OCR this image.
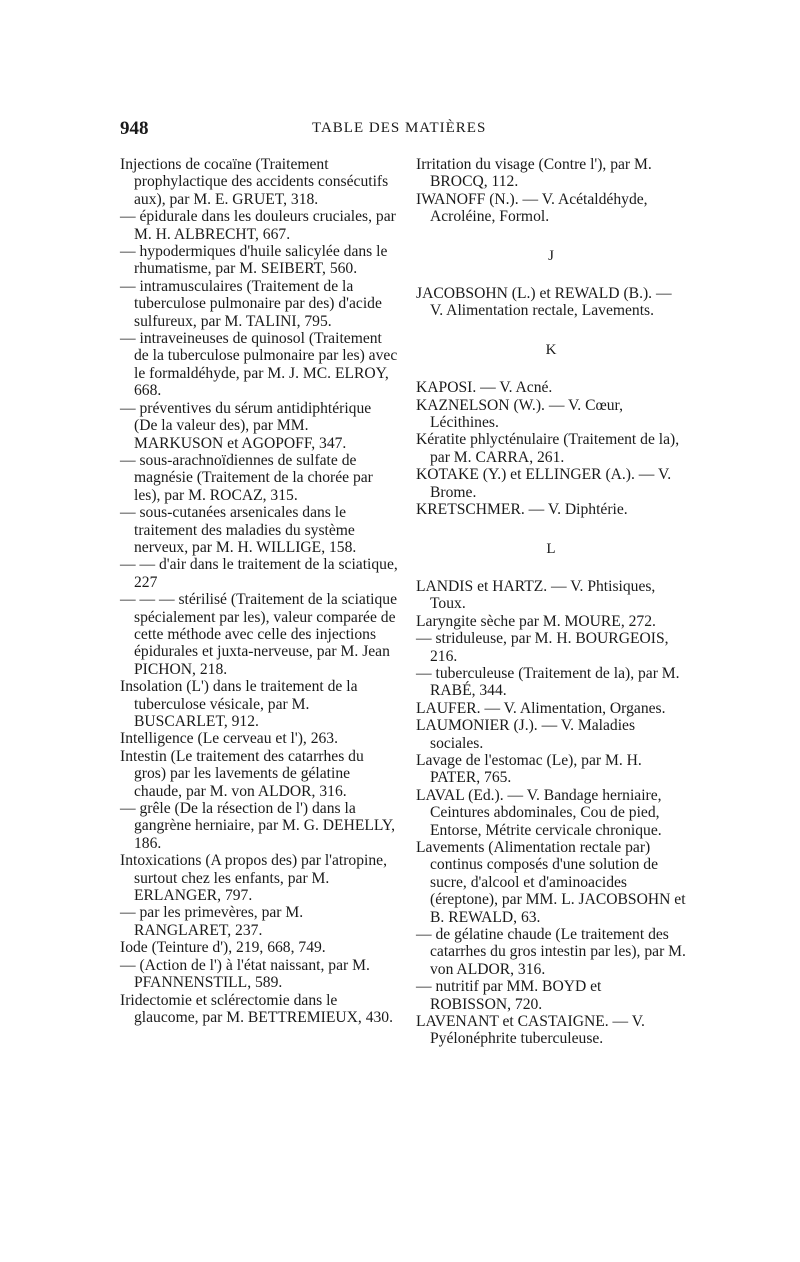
948	TABLE DES MATIÈRES
Injections de cocaïne (Traitement prophylactique des accidents consécutifs aux), par M. E. GRUET, 318.
— épidurale dans les douleurs cruciales, par M. H. ALBRECHT, 667.
— hypodermiques d'huile salicylée dans le rhumatisme, par M. SEIBERT, 560.
— intramusculaires (Traitement de la tuberculose pulmonaire par des) d'acide sulfureux, par M. TALINI, 795.
— intraveineuses de quinosol (Traitement de la tuberculose pulmonaire par les) avec le formaldéhyde, par M. J. MC. ELROY, 668.
— préventives du sérum antidiphtérique (De la valeur des), par MM. MARKUSON et AGOPOFF, 347.
— sous-arachnoïdiennes de sulfate de magnésie (Traitement de la chorée par les), par M. ROCAZ, 315.
— sous-cutanées arsenicales dans le traitement des maladies du système nerveux, par M. H. WILLIGE, 158.
— — d'air dans le traitement de la sciatique, 227
— — — stérilisé (Traitement de la sciatique spécialement par les), valeur comparée de cette méthode avec celle des injections épidurales et juxta-nerveuse, par M. Jean PICHON, 218.
Insolation (L') dans le traitement de la tuberculose vésicale, par M. BUSCARLET, 912.
Intelligence (Le cerveau et l'), 263.
Intestin (Le traitement des catarrhes du gros) par les lavements de gélatine chaude, par M. von ALDOR, 316.
— grêle (De la résection de l') dans la gangrène herniaire, par M. G. DEHELLY, 186.
Intoxications (A propos des) par l'atropine, surtout chez les enfants, par M. ERLANGER, 797.
— par les primevères, par M. RANGLARET, 237.
Iode (Teinture d'), 219, 668, 749.
— (Action de l') à l'état naissant, par M. PFANNENSTILL, 589.
Iridectomie et sclérectomie dans le glaucome, par M. BETTREMIEUX, 430.
Irritation du visage (Contre l'), par M. BROCQ, 112.
IWANOFF (N.). — V. Acétaldéhyde, Acroléine, Formol.
J
JACOBSOHN (L.) et REWALD (B.). — V. Alimentation rectale, Lavements.
K
KAPOSI. — V. Acné.
KAZNELSON (W.). — V. Cœur, Lécithines.
Kératite phlycténulaire (Traitement de la), par M. CARRA, 261.
KOTAKE (Y.) et ELLINGER (A.). — V. Brome.
KRETSCHMER. — V. Diphtérie.
L
LANDIS et HARTZ. — V. Phtisiques, Toux.
Laryngite sèche par M. MOURE, 272.
— striduleuse, par M. H. BOURGEOIS, 216.
— tuberculeuse (Traitement de la), par M. RABÉ, 344.
LAUFER. — V. Alimentation, Organes.
LAUMONIER (J.). — V. Maladies sociales.
Lavage de l'estomac (Le), par M. H. PATER, 765.
LAVAL (Ed.). — V. Bandage herniaire, Ceintures abdominales, Cou de pied, Entorse, Métrite cervicale chronique.
Lavements (Alimentation rectale par) continus composés d'une solution de sucre, d'alcool et d'aminoacides (éreptone), par MM. L. JACOBSOHN et B. REWALD, 63.
— de gélatine chaude (Le traitement des catarrhes du gros intestin par les), par M. von ALDOR, 316.
— nutritif par MM. BOYD et ROBISSON, 720.
LAVENANT et CASTAIGNE. — V. Pyélonéphrite tuberculeuse.
